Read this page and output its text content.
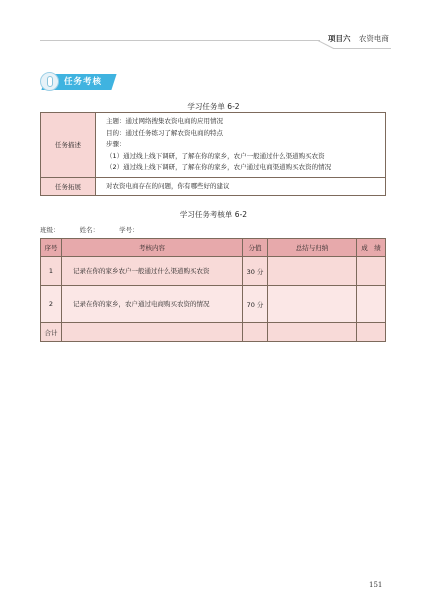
项目六 农资电商
任务考核
学习任务单 6-2
任务描述	主题：通过网络搜集农资电商的应用情况
目的：通过任务练习了解农资电商的特点
步骤：
（1）通过线上线下调研，了解在你的家乡，农户一般通过什么渠道购买农资
（2）通过线上线下调研，了解在你的家乡，农户通过电商渠道购买农资的情况

任务拓展	对农资电商存在的问题，你有哪些好的建议
学习任务考核单 6-2
班级：	姓名：	学号：
序号	考核内容	分值	总结与归纳	成　绩
1	记录在你的家乡农户一般通过什么渠道购买农资	30 分		
2	记录在你的家乡，农户通过电商购买农资的情况	70 分		
合计				
151
